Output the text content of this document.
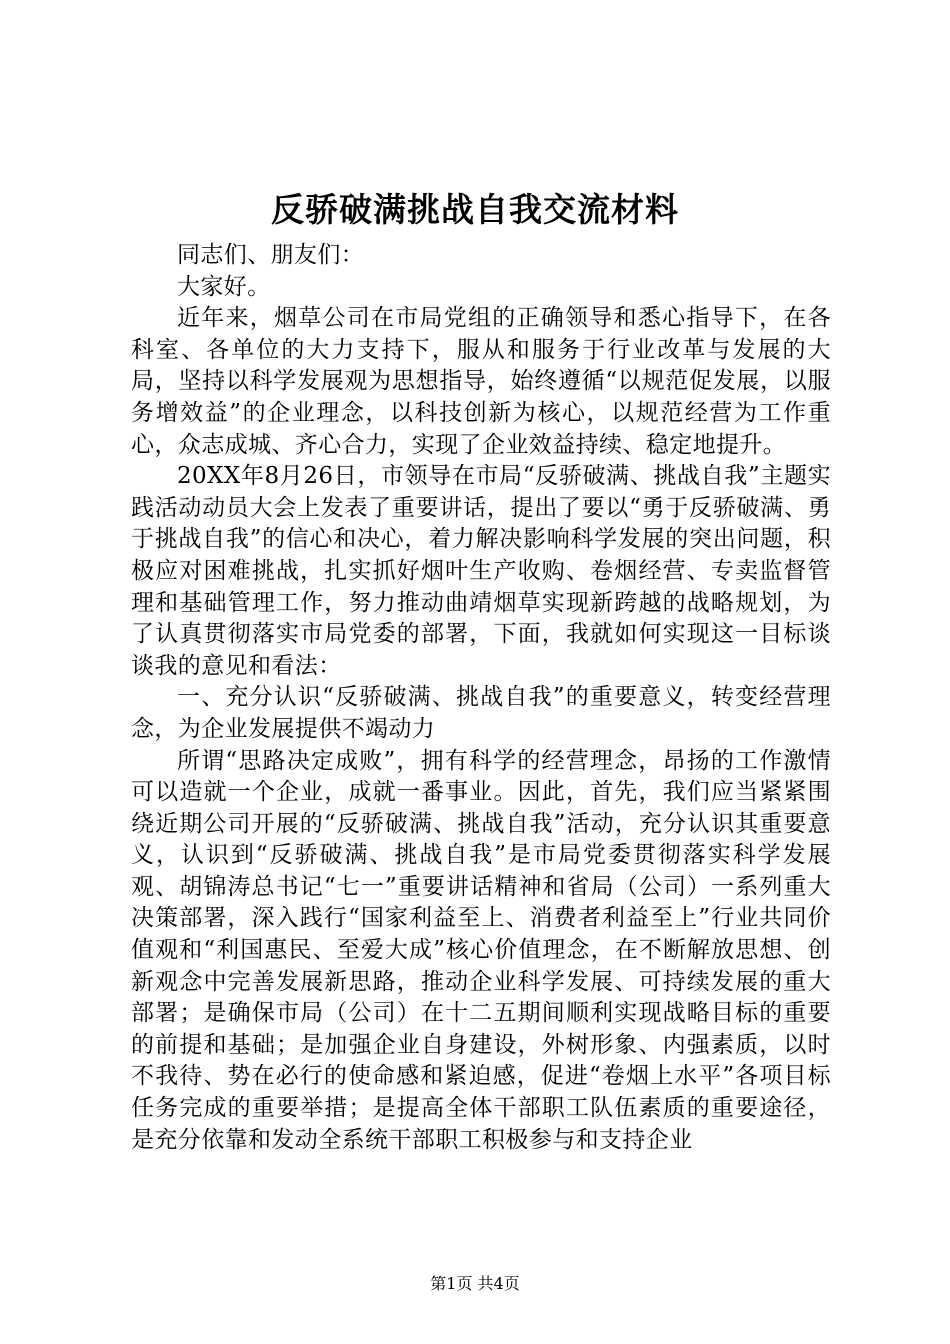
反骄破满挑战自我交流材料

同志们、朋友们：

大家好。

近年来，烟草公司在市局党组的正确领导和悉心指导下，在各科室、各单位的大力支持下，服从和服务于行业改革与发展的大局，坚持以科学发展观为思想指导，始终遵循“以规范促发展，以服务增效益”的企业理念，以科技创新为核心，以规范经营为工作重心，众志成城、齐心合力，实现了企业效益持续、稳定地提升。

20XX年8月26日，市领导在市局“反骄破满、挑战自我”主题实践活动动员大会上发表了重要讲话，提出了要以“勇于反骄破满、勇于挑战自我”的信心和决心，着力解决影响科学发展的突出问题，积极应对困难挑战，扎实抓好烟叶生产收购、卷烟经营、专卖监督管理和基础管理工作，努力推动曲靖烟草实现新跨越的战略规划，为了认真贯彻落实市局党委的部署，下面，我就如何实现这一目标谈谈我的意见和看法：

一、充分认识“反骄破满、挑战自我”的重要意义，转变经营理念，为企业发展提供不竭动力

所谓“思路决定成败”，拥有科学的经营理念，昂扬的工作激情可以造就一个企业，成就一番事业。因此，首先，我们应当紧紧围绕近期公司开展的“反骄破满、挑战自我”活动，充分认识其重要意义，认识到“反骄破满、挑战自我”是市局党委贯彻落实科学发展观、胡锦涛总书记“七一”重要讲话精神和省局（公司）一系列重大决策部署，深入践行“国家利益至上、消费者利益至上”行业共同价值观和“利国惠民、至爱大成”核心价值理念，在不断解放思想、创新观念中完善发展新思路，推动企业科学发展、可持续发展的重大部署；是确保市局（公司）在十二五期间顺利实现战略目标的重要的前提和基础；是加强企业自身建设，外树形象、内强素质，以时不我待、势在必行的使命感和紧迫感，促进“卷烟上水平”各项目标任务完成的重要举措；是提高全体干部职工队伍素质的重要途径，是充分依靠和发动全系统干部职工积极参与和支持企业

第1页 共4页
